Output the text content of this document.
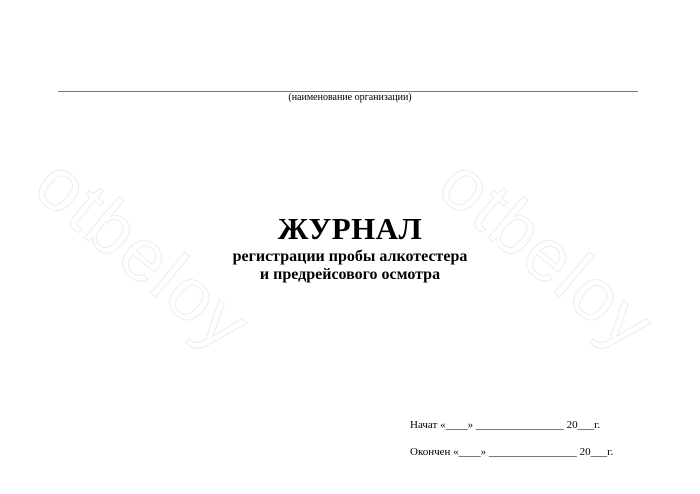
otbeloy otbeloy
(наименование организации)
ЖУРНАЛ
регистрации пробы алкотестера
и предрейсового осмотра
Начат «____» ________________ 20___г.
Окончен «____» ________________ 20___г.
